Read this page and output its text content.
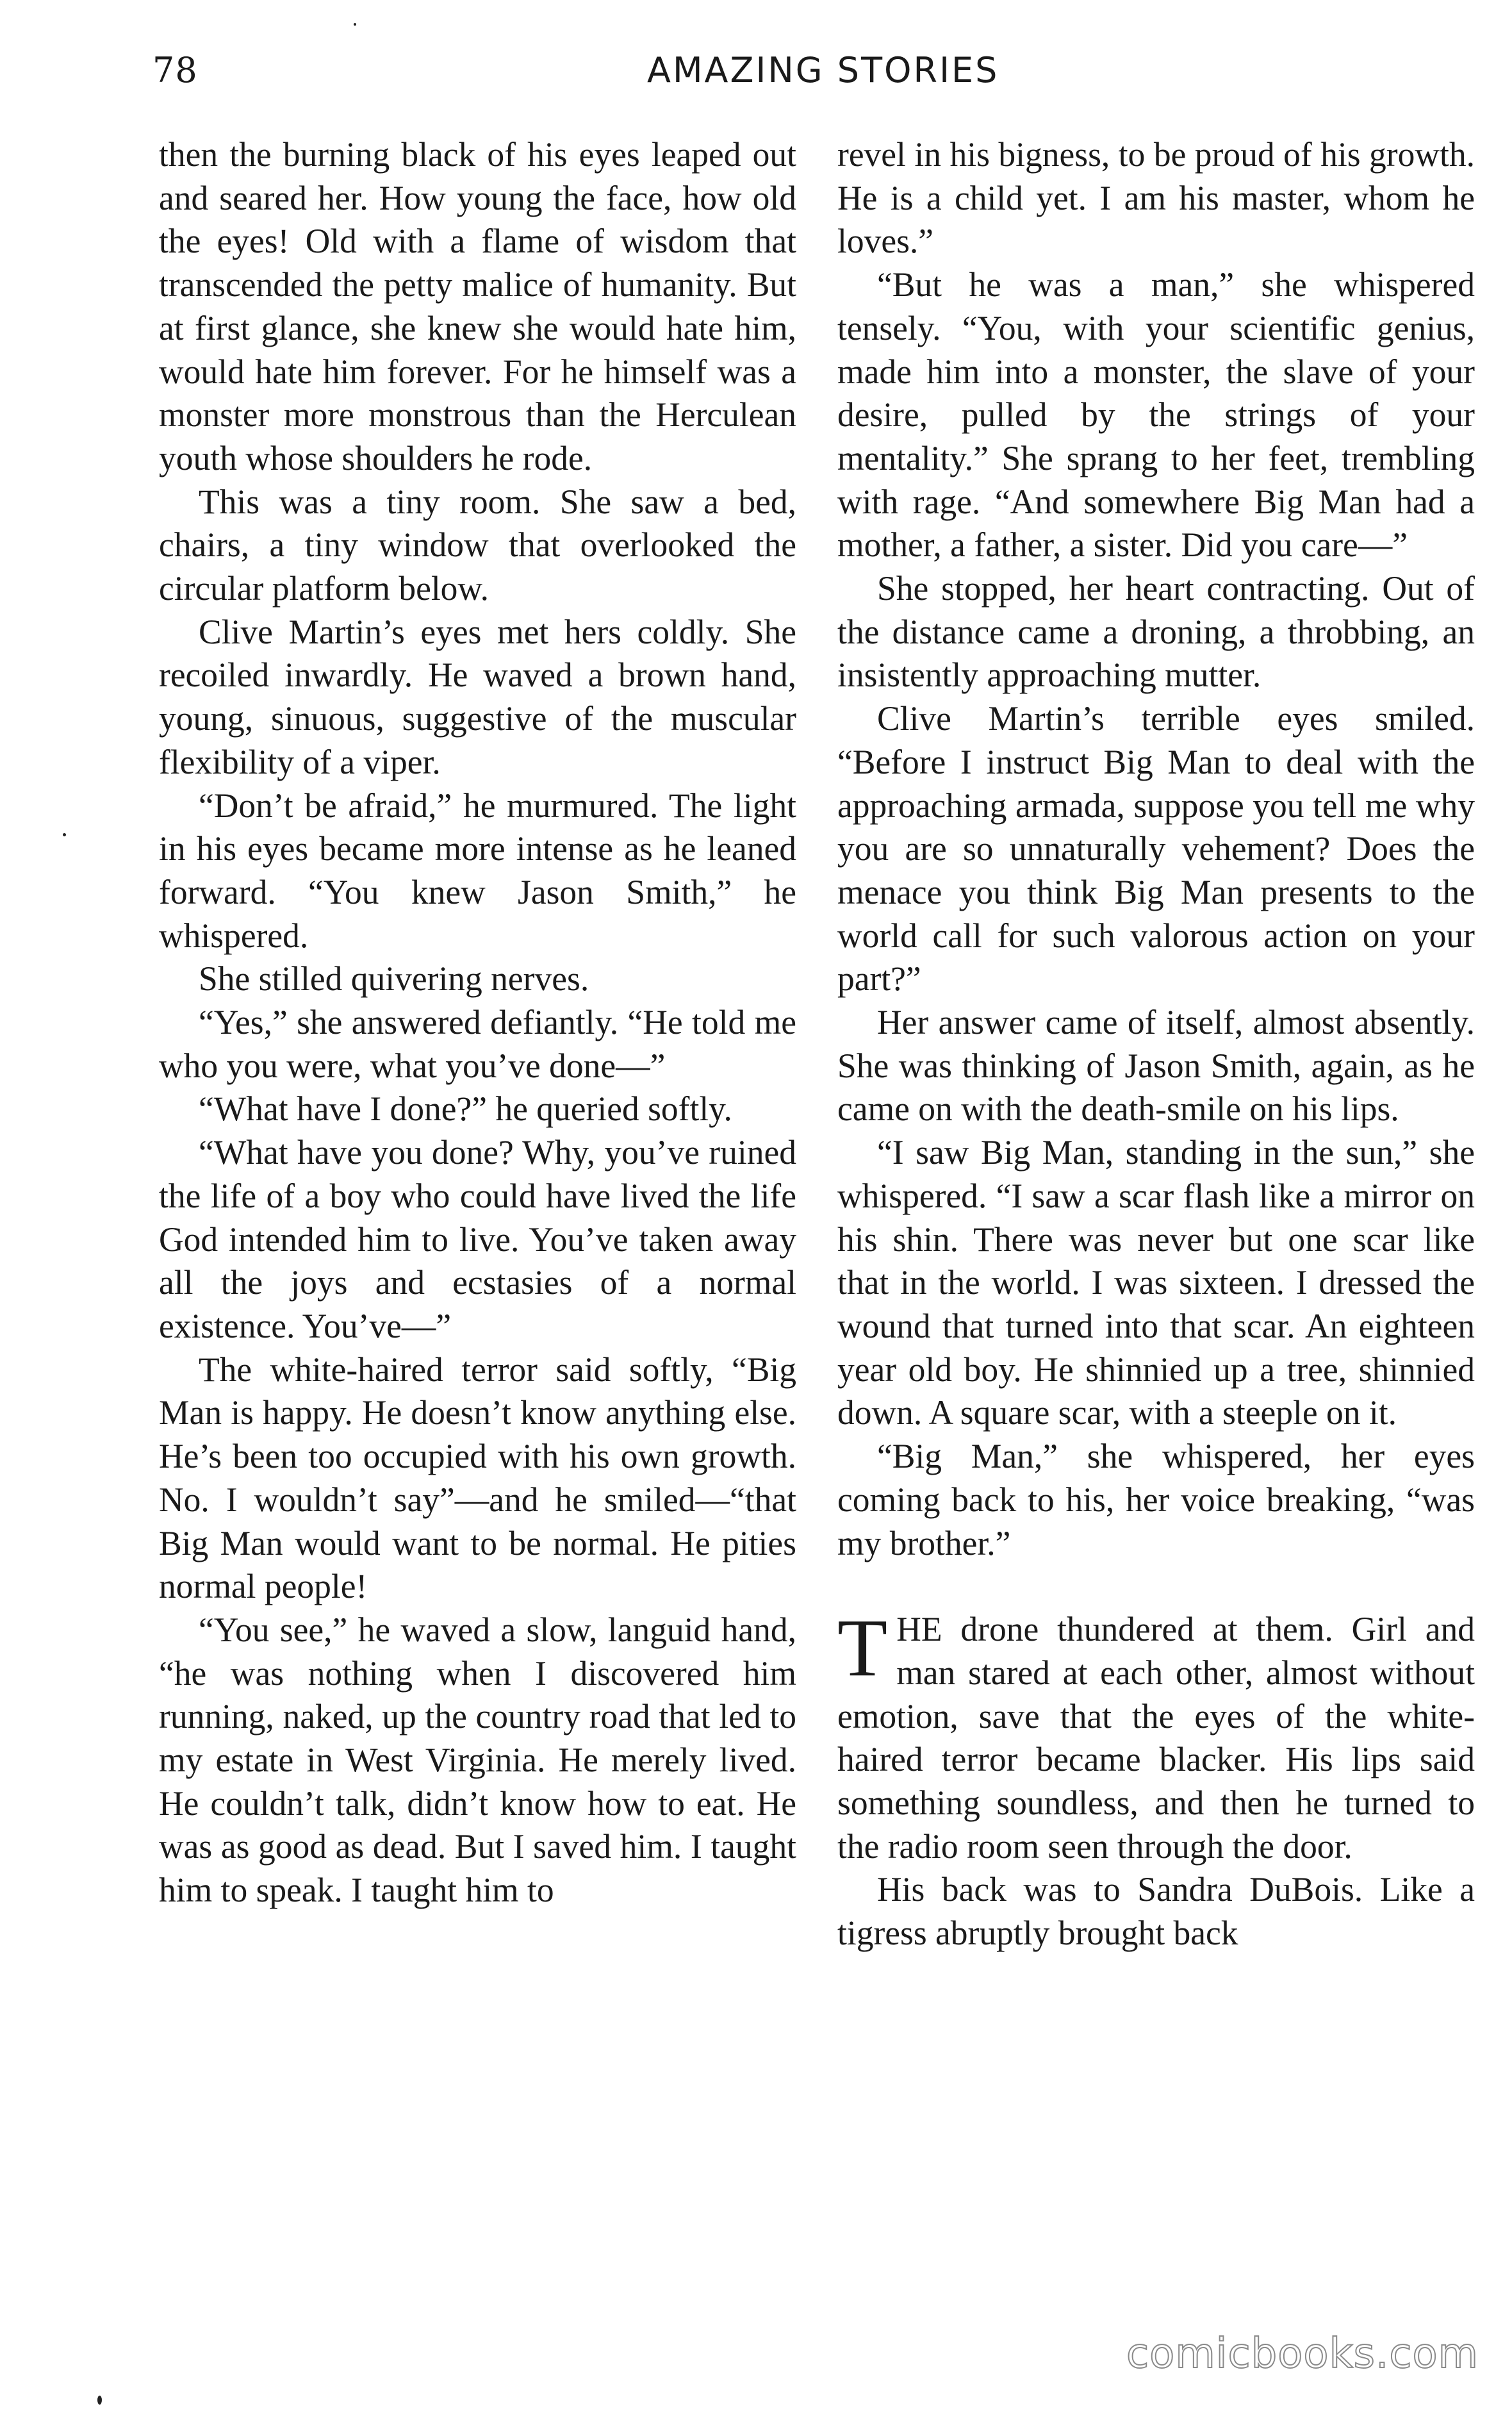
78	AMAZING STORIES

then the burning black of his eyes leaped out and seared her. How young the face, how old the eyes! Old with a flame of wisdom that transcended the petty malice of humanity. But at first glance, she knew she would hate him, would hate him forever. For he himself was a monster more monstrous than the Herculean youth whose shoulders he rode.

This was a tiny room. She saw a bed, chairs, a tiny window that overlooked the circular platform below.

Clive Martin’s eyes met hers coldly. She recoiled inwardly. He waved a brown hand, young, sinuous, suggestive of the muscular flexibility of a viper.

“Don’t be afraid,” he murmured. The light in his eyes became more intense as he leaned forward. “You knew Jason Smith,” he whispered.

She stilled quivering nerves.

“Yes,” she answered defiantly. “He told me who you were, what you’ve done—”

“What have I done?” he queried softly.

“What have you done? Why, you’ve ruined the life of a boy who could have lived the life God intended him to live. You’ve taken away all the joys and ecstasies of a normal existence. You’ve—”

The white-haired terror said softly, “Big Man is happy. He doesn’t know anything else. He’s been too occupied with his own growth. No. I wouldn’t say”—and he smiled—“that Big Man would want to be normal. He pities normal people!

“You see,” he waved a slow, languid hand, “he was nothing when I discovered him running, naked, up the country road that led to my estate in West Virginia. He merely lived. He couldn’t talk, didn’t know how to eat. He was as good as dead. But I saved him. I taught him to speak. I taught him to

revel in his bigness, to be proud of his growth. He is a child yet. I am his master, whom he loves.”

“But he was a man,” she whispered tensely. “You, with your scientific genius, made him into a monster, the slave of your desire, pulled by the strings of your mentality.” She sprang to her feet, trembling with rage. “And somewhere Big Man had a mother, a father, a sister. Did you care—”

She stopped, her heart contracting. Out of the distance came a droning, a throbbing, an insistently approaching mutter.

Clive Martin’s terrible eyes smiled. “Before I instruct Big Man to deal with the approaching armada, suppose you tell me why you are so unnaturally vehement? Does the menace you think Big Man presents to the world call for such valorous action on your part?”

Her answer came of itself, almost absently. She was thinking of Jason Smith, again, as he came on with the death-smile on his lips.

“I saw Big Man, standing in the sun,” she whispered. “I saw a scar flash like a mirror on his shin. There was never but one scar like that in the world. I was sixteen. I dressed the wound that turned into that scar. An eighteen year old boy. He shinnied up a tree, shinnied down. A square scar, with a steeple on it.

“Big Man,” she whispered, her eyes coming back to his, her voice breaking, “was my brother.”

THE drone thundered at them. Girl and man stared at each other, almost without emotion, save that the eyes of the white-haired terror became blacker. His lips said something soundless, and then he turned to the radio room seen through the door.

His back was to Sandra DuBois. Like a tigress abruptly brought back

comicbooks.com
